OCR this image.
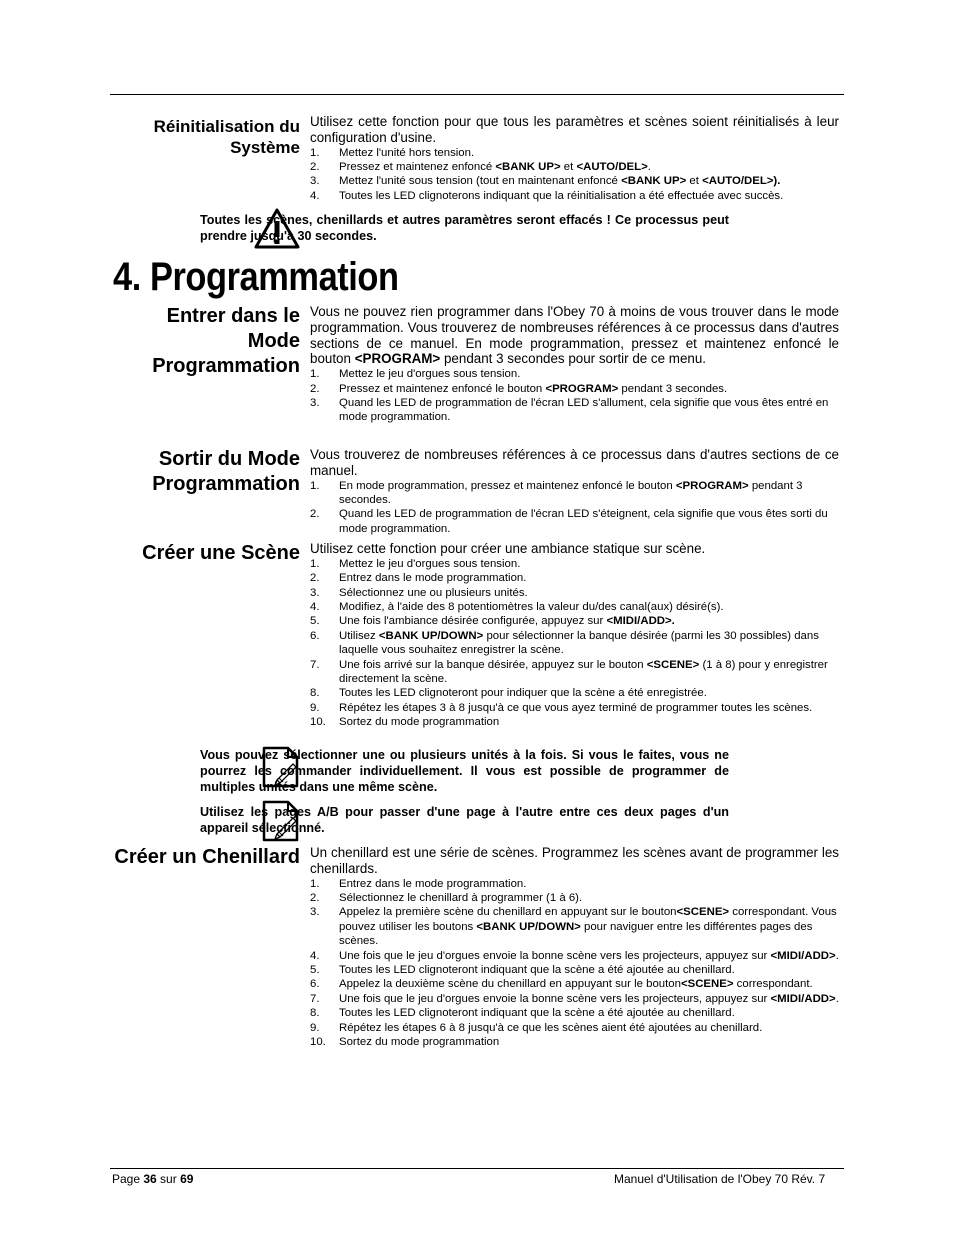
Réinitialisation du Système

Utilisez cette fonction pour que tous les paramètres et scènes soient réinitialisés à leur configuration d'usine.

1. Mettez l'unité hors tension.
2. Pressez et maintenez enfoncé <BANK UP> et <AUTO/DEL>.
3. Mettez l'unité sous tension (tout en maintenant enfoncé <BANK UP> et <AUTO/DEL>).
4. Toutes les LED clignoterons indiquant que la réinitialisation a été effectuée avec succès.

Toutes les scènes, chenillards et autres paramètres seront effacés ! Ce processus peut prendre jusqu'à 30 secondes.

4. Programmation
Entrer dans le Mode Programmation

Vous ne pouvez rien programmer dans l'Obey 70 à moins de vous trouver dans le mode programmation. Vous trouverez de nombreuses références à ce processus dans d'autres sections de ce manuel. En mode programmation, pressez et maintenez enfoncé le bouton <PROGRAM> pendant 3 secondes pour sortir de ce menu.

1. Mettez le jeu d'orgues sous tension.
2. Pressez et maintenez enfoncé le bouton <PROGRAM> pendant 3 secondes.
3. Quand les LED de programmation de l'écran LED s'allument, cela signifie que vous êtes entré en mode programmation.
Sortir du Mode Programmation

Vous trouverez de nombreuses références à ce processus dans d'autres sections de ce manuel.

1. En mode programmation, pressez et maintenez enfoncé le bouton <PROGRAM> pendant 3 secondes.
2. Quand les LED de programmation de l'écran LED s'éteignent, cela signifie que vous êtes sorti du mode programmation.
Créer une Scène Utilisez cette fonction pour créer une ambiance statique sur scène.

1. Mettez le jeu d'orgues sous tension.
2. Entrez dans le mode programmation.
3. Sélectionnez une ou plusieurs unités.
4. Modifiez, à l'aide des 8 potentiomètres la valeur du/des canal(aux) désiré(s).
5. Une fois l'ambiance désirée configurée, appuyez sur <MIDI/ADD>.
6. Utilisez <BANK UP/DOWN> pour sélectionner la banque désirée (parmi les 30 possibles) dans laquelle vous souhaitez enregistrer la scène.
7. Une fois arrivé sur la banque désirée, appuyez sur le bouton <SCENE> (1 à 8) pour y enregistrer directement la scène.
8. Toutes les LED clignoteront pour indiquer que la scène a été enregistrée.
9. Répétez les étapes 3 à 8 jusqu'à ce que vous ayez terminé de programmer toutes les scènes.
10. Sortez du mode programmation

Vous pouvez sélectionner une ou plusieurs unités à la fois. Si vous le faites, vous ne pourrez les commander individuellement. Il vous est possible de programmer de multiples unités dans une même scène.

Utilisez les pages A/B pour passer d'une page à l'autre entre ces deux pages d'un appareil sélectionné.

Créer un Chenillard Un chenillard est une série de scènes. Programmez les scènes avant de programmer les chenillards.

1. Entrez dans le mode programmation.
2. Sélectionnez le chenillard à programmer (1 à 6).
3. Appelez la première scène du chenillard en appuyant sur le bouton<SCENE> correspondant. Vous pouvez utiliser les boutons <BANK UP/DOWN> pour naviguer entre les différentes pages des scènes.
4. Une fois que le jeu d'orgues envoie la bonne scène vers les projecteurs, appuyez sur <MIDI/ADD>.
5. Toutes les LED clignoteront indiquant que la scène a été ajoutée au chenillard.
6. Appelez la deuxième scène du chenillard en appuyant sur le bouton<SCENE> correspondant.
7. Une fois que le jeu d'orgues envoie la bonne scène vers les projecteurs, appuyez sur <MIDI/ADD>.
8. Toutes les LED clignoteront indiquant que la scène a été ajoutée au chenillard.
9. Répétez les étapes 6 à 8 jusqu'à ce que les scènes aient été ajoutées au chenillard.
10. Sortez du mode programmation
Page 36 sur 69	Manuel d'Utilisation de l'Obey 70 Rév. 7
